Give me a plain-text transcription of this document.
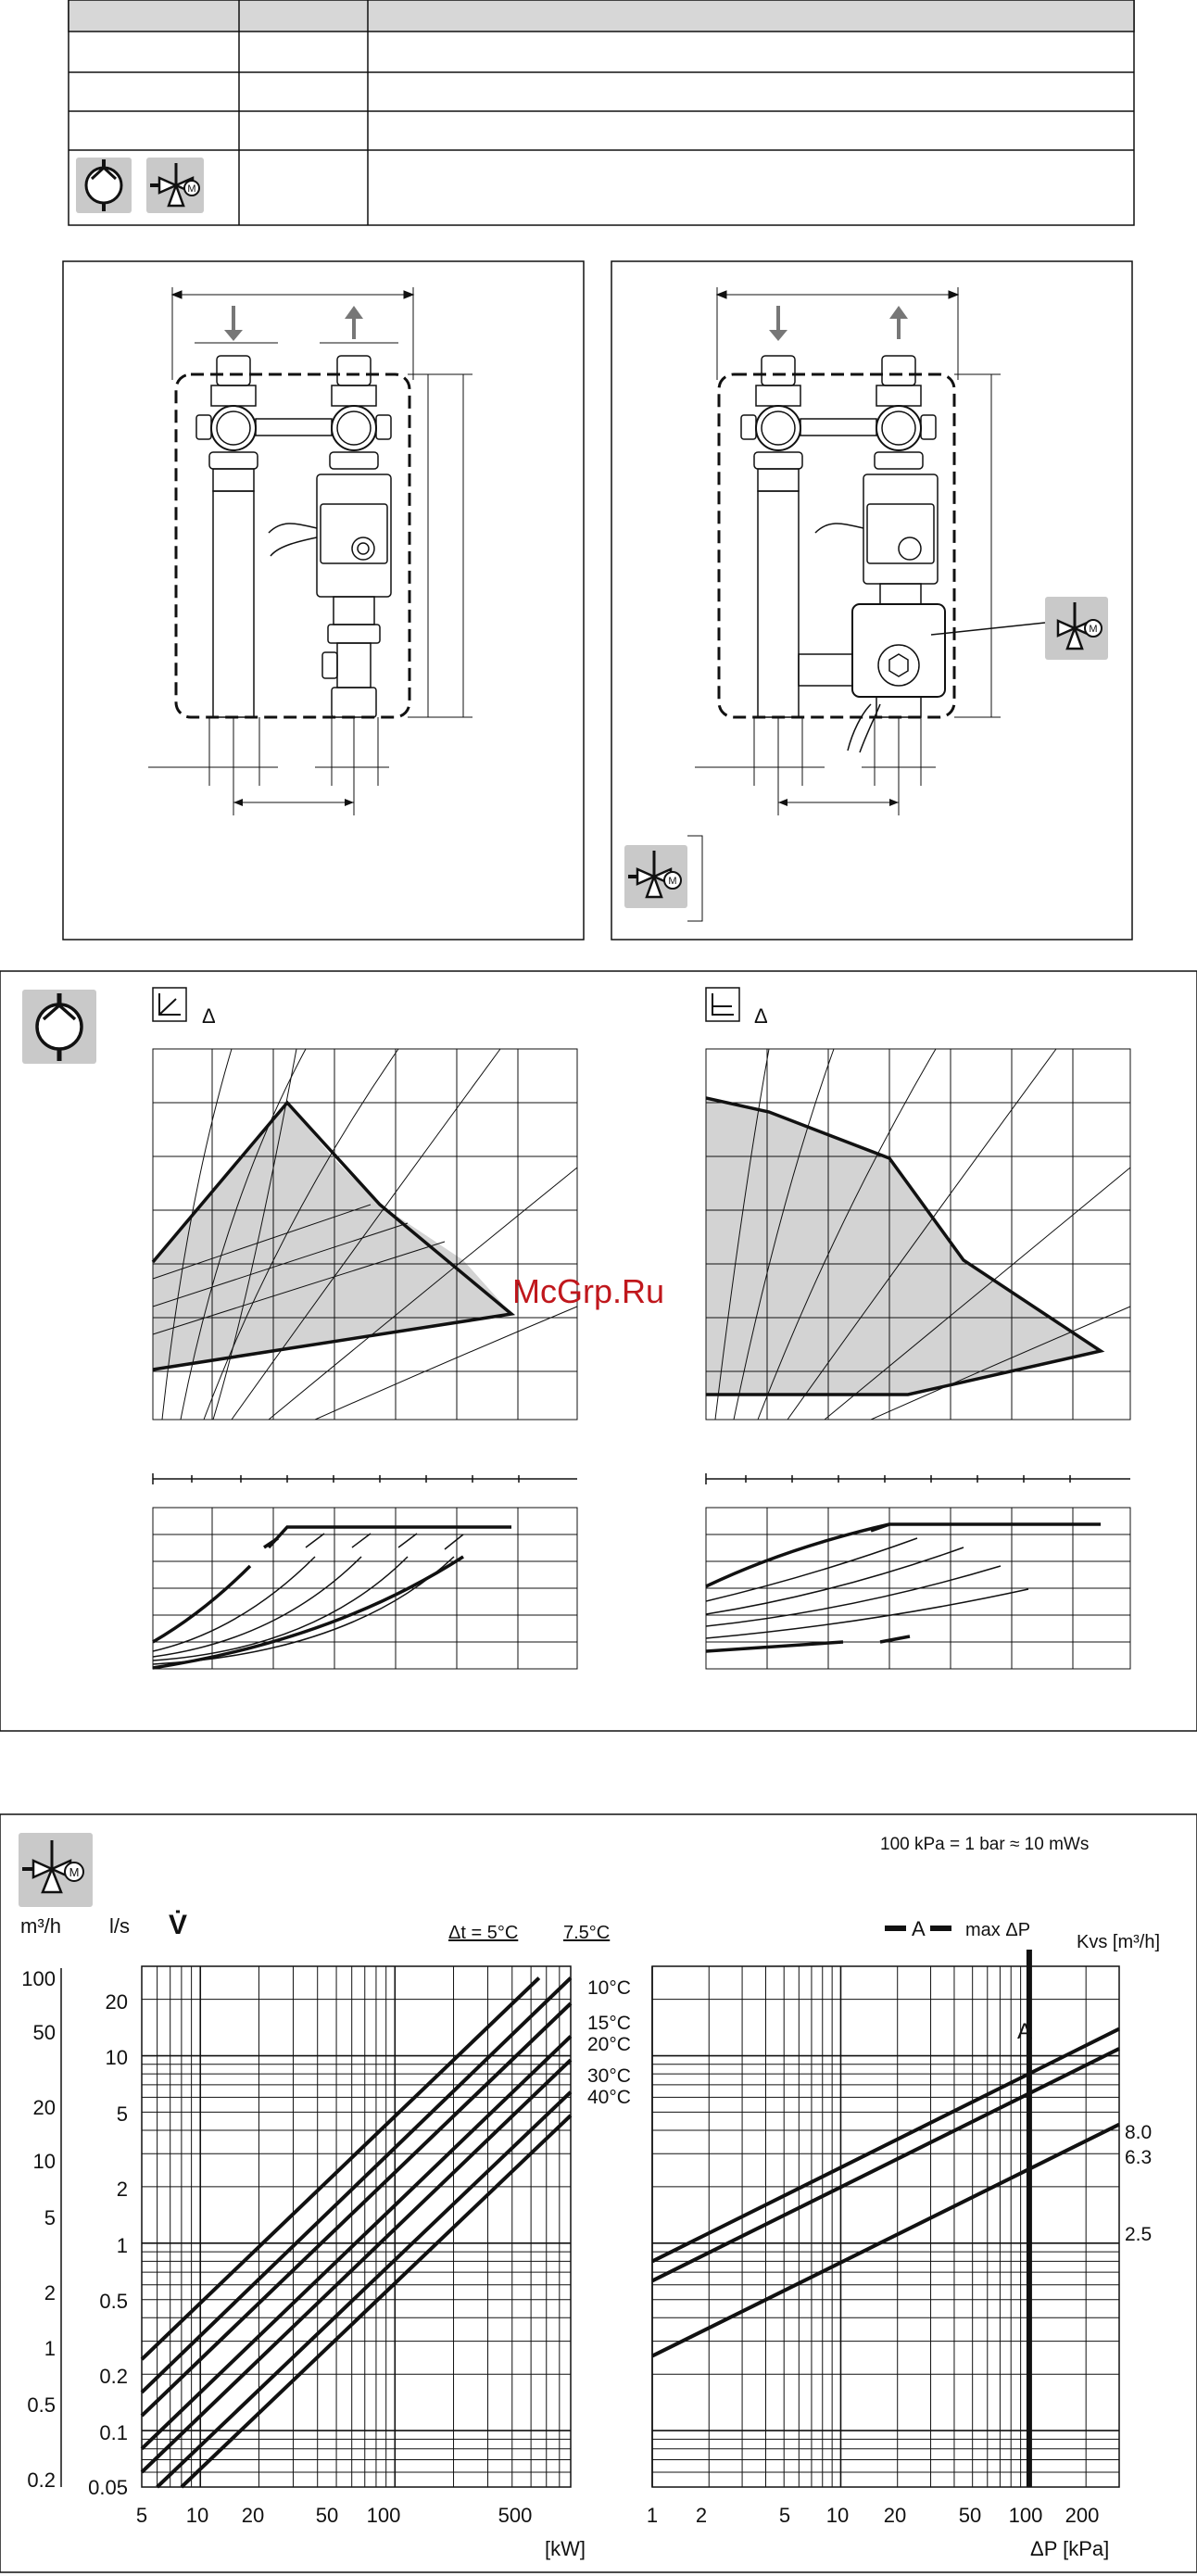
M
M
M
Δ	Δ
McGrp.Ru
M
100 kPa = 1 bar ≈ 10 mWs
m³/h l/s V̇	Δt = 5°C 7.5°C	A max ΔP
Kvs [m³/h]
100
50
20
10
5
2
1
0.5
0.2
20
10
5
2
1
0.5
0.2
0.1
0.05
5 10 20	50 100	500
[kW]
1 2	5 10 20	50 100 200
ΔP [kPa]
10°C
15°C
20°C
30°C
40°C
8.0
6.3
2.5
A
